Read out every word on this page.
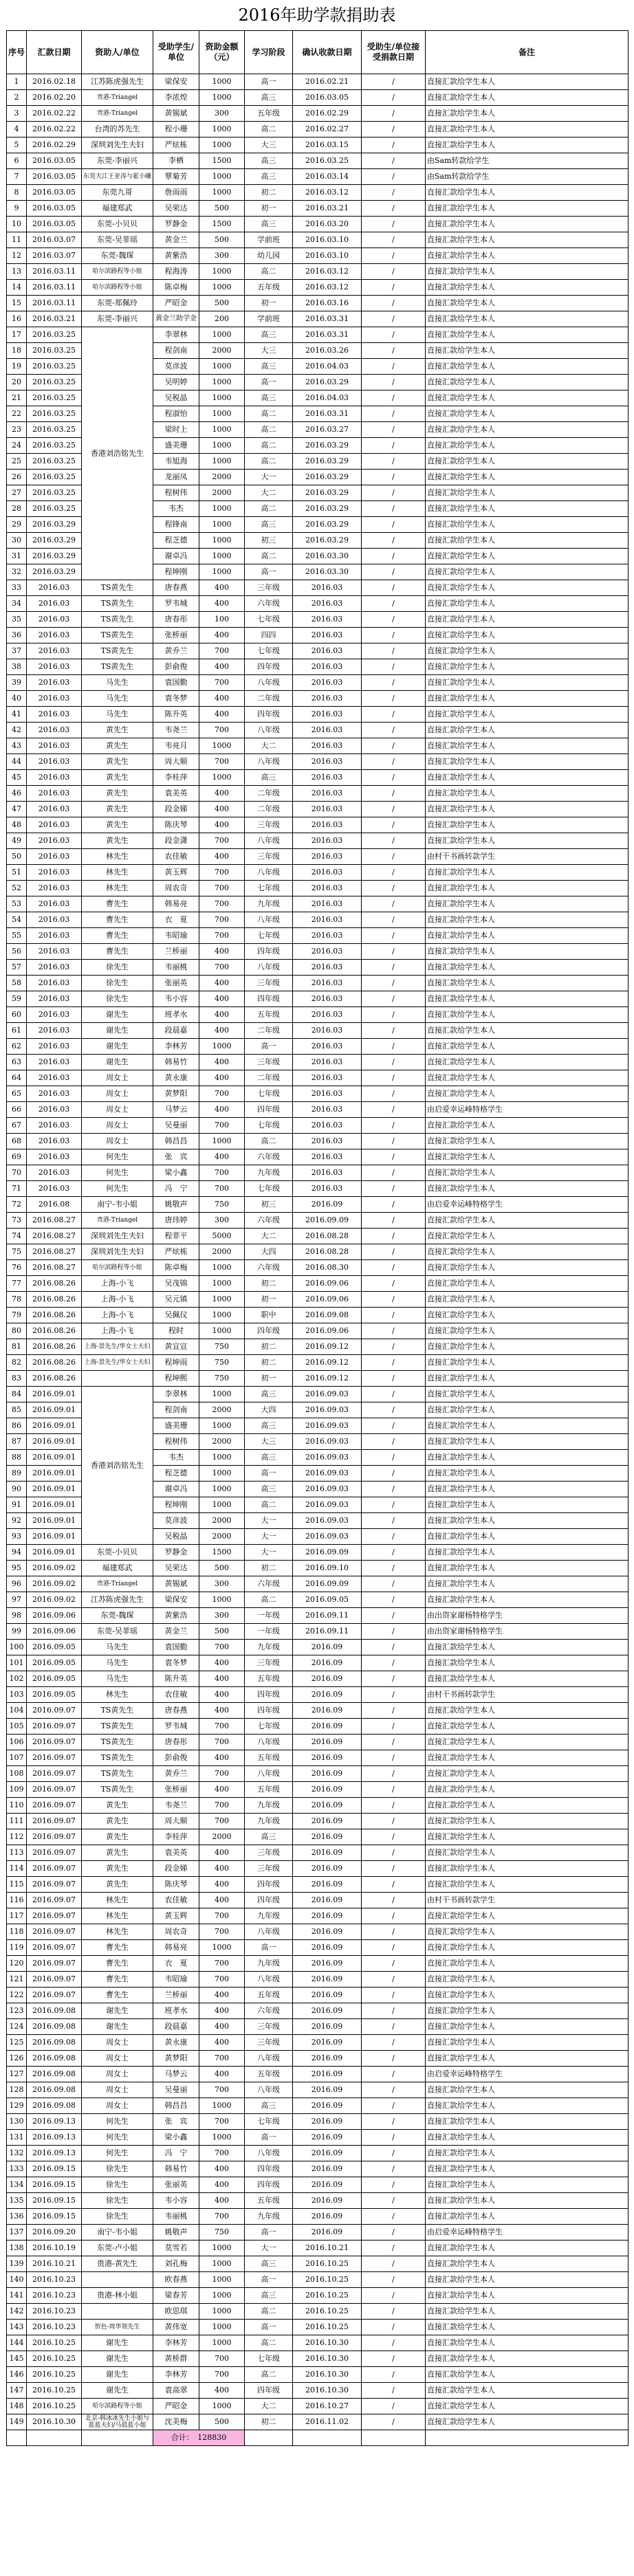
2016年助学款捐助表
序号	汇款日期	资助人/单位	受助学生/单位	资助金额（元）	学习阶段	确认收款日期	受助生/单位接受捐款日期	备注
1	2016.02.18	江苏陈虎强先生	梁保安	1000	高一	2016.02.21	/	直接汇款给学生本人
2	2016.02.20	贵港-Triangel	李浓煌	1000	高三	2016.03.05	/	直接汇款给学生本人
3	2016.02.22	贵港-Triangel	黄锡斌	300	五年级	2016.02.29	/	直接汇款给学生本人
4	2016.02.22	台湾的苏先生	程小珊	1000	高二	2016.02.27	/	直接汇款给学生本人
5	2016.02.29	深圳刘先生夫妇	严炫栋	1000	大三	2016.03.15	/	直接汇款给学生本人
6	2016.03.05	东莞-李丽兴	李栖	1500	高三	2016.03.25	/	由Sam转款给学生
7	2016.03.05	东莞天江王亚涛与霍小曦	覃菊芳	1000	高三	2016.03.14	/	由Sam转款给学生
8	2016.03.05	东莞九哥	詹雨雨	1000	初二	2016.03.12	/	直接汇款给学生本人
9	2016.03.05	福建郑武	吴荣达	500	初一	2016.03.21	/	直接汇款给学生本人
10	2016.03.05	东莞-小贝贝	罗静金	1500	高三	2016.03.20	/	直接汇款给学生本人
11	2016.03.07	东莞-吴菲瑶	黄金兰	500	学前班	2016.03.10	/	直接汇款给学生本人
12	2016.03.07	东莞-魏琛	黄紫浩	300	幼儿园	2016.03.10	/	直接汇款给学生本人
13	2016.03.11	哈尔滨路程等小姐	程海涛	1000	高二	2016.03.12	/	直接汇款给学生本人
14	2016.03.11	哈尔滨路程等小姐	陈卓梅	1000	五年级	2016.03.12	/	直接汇款给学生本人
15	2016.03.11	东莞-郑佩玲	严昭金	500	初一	2016.03.16	/	直接汇款给学生本人
16	2016.03.21	东莞-李丽兴	黄金兰助学金	200	学前班	2016.03.31	/	直接汇款给学生本人
17	2016.03.25	香港刘浩铭先生	李翠林	1000	高三	2016.03.31	/	直接汇款给学生本人
18	2016.03.25		程剑南	2000	大三	2016.03.26	/	直接汇款给学生本人
19	2016.03.25		莫彦波	1000	高三	2016.04.03	/	直接汇款给学生本人
20	2016.03.25		吴明婷	1000	高一	2016.03.29	/	直接汇款给学生本人
21	2016.03.25		吴税晶	1000	高三	2016.04.03	/	直接汇款给学生本人
22	2016.03.25		程淑怡	1000	高二	2016.03.31	/	直接汇款给学生本人
23	2016.03.25		梁时上	1000	高二	2016.03.27	/	直接汇款给学生本人
24	2016.03.25		盛美珊	1000	高二	2016.03.29	/	直接汇款给学生本人
25	2016.03.25		韦旭海	1000	高二	2016.03.29	/	直接汇款给学生本人
26	2016.03.25		龙丽凤	2000	大一	2016.03.29	/	直接汇款给学生本人
27	2016.03.25		程树伟	2000	大二	2016.03.29	/	直接汇款给学生本人
28	2016.03.25		韦杰	1000	高二	2016.03.29	/	直接汇款给学生本人
29	2016.03.29		程锋南	1000	高三	2016.03.29	/	直接汇款给学生本人
30	2016.03.29		程芝德	1000	初三	2016.03.29	/	直接汇款给学生本人
31	2016.03.29		谢卓冯	1000	高二	2016.03.30	/	直接汇款给学生本人
32	2016.03.29		程坤刚	1000	高一	2016.03.30	/	直接汇款给学生本人
33	2016.03	TS黄先生	唐春燕	400	三年级	2016.03	/	直接汇款给学生本人
34	2016.03	TS黄先生	罗韦城	400	六年级	2016.03	/	直接汇款给学生本人
35	2016.03	TS黄先生	唐春彤	100	七年级	2016.03	/	直接汇款给学生本人
36	2016.03	TS黄先生	张桥丽	400	四四	2016.03	/	直接汇款给学生本人
37	2016.03	TS黄先生	黄乔兰	700	七年级	2016.03	/	直接汇款给学生本人
38	2016.03	TS黄先生	彭俞俊	400	四年级	2016.03	/	直接汇款给学生本人
39	2016.03	马先生	袁国勤	700	八年级	2016.03	/	直接汇款给学生本人
40	2016.03	马先生	袁冬梦	400	二年级	2016.03	/	直接汇款给学生本人
41	2016.03	马先生	陈升英	400	四年级	2016.03	/	直接汇款给学生本人
42	2016.03	黄先生	韦尧兰	700	八年级	2016.03	/	直接汇款给学生本人
43	2016.03	黄先生	韦亮月	1000	大二	2016.03	/	直接汇款给学生本人
44	2016.03	黄先生	周大顺	700	八年级	2016.03	/	直接汇款给学生本人
45	2016.03	黄先生	李桂萍	1000	高三	2016.03	/	直接汇款给学生本人
46	2016.03	黄先生	袁美英	400	二年级	2016.03	/	直接汇款给学生本人
47	2016.03	黄先生	段金娣	400	二年级	2016.03	/	直接汇款给学生本人
48	2016.03	黄先生	陈庆琴	400	三年级	2016.03	/	直接汇款给学生本人
49	2016.03	黄先生	段金潇	700	八年级	2016.03	/	直接汇款给学生本人
50	2016.03	林先生	农佳敏	400	三年级	2016.03	/	由村干书画转款学生
51	2016.03	林先生	黄玉辉	700	八年级	2016.03	/	直接汇款给学生本人
52	2016.03	林先生	周农奇	700	七年级	2016.03	/	直接汇款给学生本人
53	2016.03	曹先生	韩易亮	700	九年级	2016.03	/	直接汇款给学生本人
54	2016.03	曹先生	衣　夏	700	八年级	2016.03	/	直接汇款给学生本人
55	2016.03	曹先生	韦昭瑜	700	七年级	2016.03	/	直接汇款给学生本人
56	2016.03	曹先生	兰桥丽	400	四年级	2016.03	/	直接汇款给学生本人
57	2016.03	徐先生	韦丽桃	700	八年级	2016.03	/	直接汇款给学生本人
58	2016.03	徐先生	张丽英	400	三年级	2016.03	/	直接汇款给学生本人
59	2016.03	徐先生	韦小容	400	四年级	2016.03	/	直接汇款给学生本人
60	2016.03	谢先生	班孝水	400	五年级	2016.03	/	直接汇款给学生本人
61	2016.03	谢先生	段晨嘉	400	二年级	2016.03	/	直接汇款给学生本人
62	2016.03	谢先生	李林芳	1000	高一	2016.03	/	直接汇款给学生本人
63	2016.03	谢先生	韩易竹	400	三年级	2016.03	/	直接汇款给学生本人
64	2016.03	周女士	黄永康	400	二年级	2016.03	/	直接汇款给学生本人
65	2016.03	周女士	黄梦阳	700	七年级	2016.03	/	直接汇款给学生本人
66	2016.03	周女士	马梦云	400	四年级	2016.03	/	由启爱幸运峰特格学生
67	2016.03	周女士	吴曼丽	700	七年级	2016.03	/	直接汇款给学生本人
68	2016.03	周女士	韩昌昌	1000	高二	2016.03	/	直接汇款给学生本人
69	2016.03	何先生	张　宾	400	六年级	2016.03	/	直接汇款给学生本人
70	2016.03	何先生	梁小鑫	700	九年级	2016.03	/	直接汇款给学生本人
71	2016.03	何先生	冯　宁	700	七年级	2016.03	/	直接汇款给学生本人
72	2016.08	南宁-韦小姐	姚敬声	750	初三	2016.09	/	由启爱幸运峰特格学生
73	2016.08.27	贵港-Triangel	唐玮婷	300	六年级	2016.09.09	/	直接汇款给学生本人
74	2016.08.27	深圳刘先生夫妇	程菲平	5000	大二	2016.08.28	/	直接汇款给学生本人
75	2016.08.27	深圳刘先生夫妇	严炫栋	2000	大四	2016.08.28	/	直接汇款给学生本人
76	2016.08.27	哈尔滨路程等小姐	陈卓梅	1000	六年级	2016.08.30	/	直接汇款给学生本人
77	2016.08.26	上海-小飞	吴茂锦	1000	初二	2016.09.06	/	直接汇款给学生本人
78	2016.08.26	上海-小飞	吴元镇	1000	初一	2016.09.06	/	直接汇款给学生本人
79	2016.08.26	上海-小飞	吴佩仪	1000	职中	2016.09.08	/	直接汇款给学生本人
80	2016.08.26	上海-小飞	程时	1000	四年级	2016.09.06	/	直接汇款给学生本人
81	2016.08.26	上海-景先生/华女士夫妇	黄宣宣	750	初二	2016.09.12	/	直接汇款给学生本人
82	2016.08.26	上海-景先生/华女士夫妇	程坤雨	750	初二	2016.09.12	/	直接汇款给学生本人
83	2016.08.26		程坤熙	750	初一	2016.09.12	/	直接汇款给学生本人
84	2016.09.01	香港刘浩铭先生	李翠林	1000	高三	2016.09.03	/	直接汇款给学生本人
85	2016.09.01		程剑南	2000	大四	2016.09.03	/	直接汇款给学生本人
86	2016.09.01		盛美珊	1000	高三	2016.09.03	/	直接汇款给学生本人
87	2016.09.01		程树伟	2000	大三	2016.09.03	/	直接汇款给学生本人
88	2016.09.01		韦杰	1000	高三	2016.09.03	/	直接汇款给学生本人
89	2016.09.01		程芝德	1000	高一	2016.09.03	/	直接汇款给学生本人
90	2016.09.01		谢卓冯	1000	高三	2016.09.03	/	直接汇款给学生本人
91	2016.09.01		程坤刚	1000	高二	2016.09.03	/	直接汇款给学生本人
92	2016.09.01		莫彦波	2000	大一	2016.09.03	/	直接汇款给学生本人
93	2016.09.01		吴税晶	2000	大一	2016.09.03	/	直接汇款给学生本人
94	2016.09.01	东莞-小贝贝	罗静金	1500	大一	2016.09.09	/	直接汇款给学生本人
95	2016.09.02	福建郑武	吴荣达	500	初二	2016.09.10	/	直接汇款给学生本人
96	2016.09.02	贵港-Triangel	黄锡斌	300	六年级	2016.09.09	/	直接汇款给学生本人
97	2016.09.02	江苏陈虎强先生	梁保安	1000	高二	2016.09.05	/	直接汇款给学生本人
98	2016.09.06	东莞-魏琛	黄紫浩	300	一年级	2016.09.11	/	由出资家谢杨特格学生
99	2016.09.06	东莞-吴菲瑶	黄金兰	500	一年级	2016.09.11	/	由出资家谢杨特格学生
100	2016.09.05	马先生	袁国勤	700	九年级	2016.09	/	直接汇款给学生本人
101	2016.09.05	马先生	袁冬梦	400	三年级	2016.09	/	直接汇款给学生本人
102	2016.09.05	马先生	陈升英	400	五年级	2016.09	/	直接汇款给学生本人
103	2016.09.05	林先生	农佳敏	400	四年级	2016.09	/	由村干书画转款学生
104	2016.09.07	TS黄先生	唐春燕	400	四年级	2016.09	/	直接汇款给学生本人
105	2016.09.07	TS黄先生	罗韦城	700	七年级	2016.09	/	直接汇款给学生本人
106	2016.09.07	TS黄先生	唐春彤	700	八年级	2016.09	/	直接汇款给学生本人
107	2016.09.07	TS黄先生	彭俞俊	400	五年级	2016.09	/	直接汇款给学生本人
108	2016.09.07	TS黄先生	黄乔兰	700	八年级	2016.09	/	直接汇款给学生本人
109	2016.09.07	TS黄先生	张桥丽	400	五年级	2016.09	/	直接汇款给学生本人
110	2016.09.07	黄先生	韦尧兰	700	九年级	2016.09	/	直接汇款给学生本人
111	2016.09.07	黄先生	周大顺	700	九年级	2016.09	/	直接汇款给学生本人
112	2016.09.07	黄先生	李桂萍	2000	高三	2016.09	/	直接汇款给学生本人
113	2016.09.07	黄先生	袁美英	400	三年级	2016.09	/	直接汇款给学生本人
114	2016.09.07	黄先生	段金娣	400	三年级	2016.09	/	直接汇款给学生本人
115	2016.09.07	黄先生	陈庆琴	400	四年级	2016.09	/	直接汇款给学生本人
116	2016.09.07	林先生	农佳敏	400	四年级	2016.09	/	由村干书画转款学生
117	2016.09.07	林先生	黄玉辉	700	九年级	2016.09	/	直接汇款给学生本人
118	2016.09.07	林先生	周农奇	700	八年级	2016.09	/	直接汇款给学生本人
119	2016.09.07	曹先生	韩易亮	1000	高一	2016.09	/	直接汇款给学生本人
120	2016.09.07	曹先生	衣　夏	700	九年级	2016.09	/	直接汇款给学生本人
121	2016.09.07	曹先生	韦昭瑜	700	八年级	2016.09	/	直接汇款给学生本人
122	2016.09.07	曹先生	兰桥丽	400	五年级	2016.09	/	直接汇款给学生本人
123	2016.09.08	谢先生	班孝水	400	六年级	2016.09	/	直接汇款给学生本人
124	2016.09.08	谢先生	段晨嘉	400	三年级	2016.09	/	直接汇款给学生本人
125	2016.09.08	周女士	黄永康	400	三年级	2016.09	/	直接汇款给学生本人
126	2016.09.08	周女士	黄梦阳	700	八年级	2016.09	/	直接汇款给学生本人
127	2016.09.08	周女士	马梦云	400	五年级	2016.09	/	由启爱幸运峰特格学生
128	2016.09.08	周女士	吴曼丽	700	八年级	2016.09	/	直接汇款给学生本人
129	2016.09.08	周女士	韩昌昌	1000	高三	2016.09	/	直接汇款给学生本人
130	2016.09.13	何先生	张　宾	700	七年级	2016.09	/	直接汇款给学生本人
131	2016.09.13	何先生	梁小鑫	1000	高一	2016.09	/	直接汇款给学生本人
132	2016.09.13	何先生	冯　宁	700	八年级	2016.09	/	直接汇款给学生本人
133	2016.09.15	徐先生	韩易竹	400	四年级	2016.09	/	直接汇款给学生本人
134	2016.09.15	徐先生	张丽英	400	四年级	2016.09	/	直接汇款给学生本人
135	2016.09.15	徐先生	韦小容	400	五年级	2016.09	/	直接汇款给学生本人
136	2016.09.15	徐先生	韦丽桃	700	九年级	2016.09	/	直接汇款给学生本人
137	2016.09.20	南宁-韦小姐	姚敬声	750	高一	2016.09	/	由启爱幸运峰特格学生
138	2016.10.19	东莞-卢小姐	莫雪若	1000	大一	2016.10.21	/	直接汇款给学生本人
139	2016.10.21	贵港-黄先生	刘孔梅	1000	高三	2016.10.25	/	直接汇款给学生本人
140	2016.10.23		欧春燕	1000	高一	2016.10.25	/	直接汇款给学生本人
141	2016.10.23	贵港-林小姐	梁春芳	1000	高三	2016.10.25	/	直接汇款给学生本人
142	2016.10.23		欧思琪	1000	高二	2016.10.25	/	直接汇款给学生本人
143	2016.10.23	贺色-周华领先生	黄伟宽	1000	高一	2016.10.25	/	直接汇款给学生本人
144	2016.10.25	谢先生	李林芳	1000	高二	2016.10.30	/	直接汇款给学生本人
145	2016.10.25	谢先生	黄桥群	700	七年级	2016.10.30	/	直接汇款给学生本人
146	2016.10.25	谢先生	李林芳	700	高二	2016.10.30	/	直接汇款给学生本人
147	2016.10.25	谢先生	袁高翠	400	四年级	2016.10.30	/	直接汇款给学生本人
148	2016.10.25	哈尔滨路程等小姐	严昭金	1000	大二	2016.10.27	/	直接汇款给学生本人
149	2016.10.30	北京-韩冰冰先生小姐与蓝蓝夫妇/马晨蓝小姐	沈美梅	500	初二	2016.11.02	/	直接汇款给学生本人
			合计：　128830					
